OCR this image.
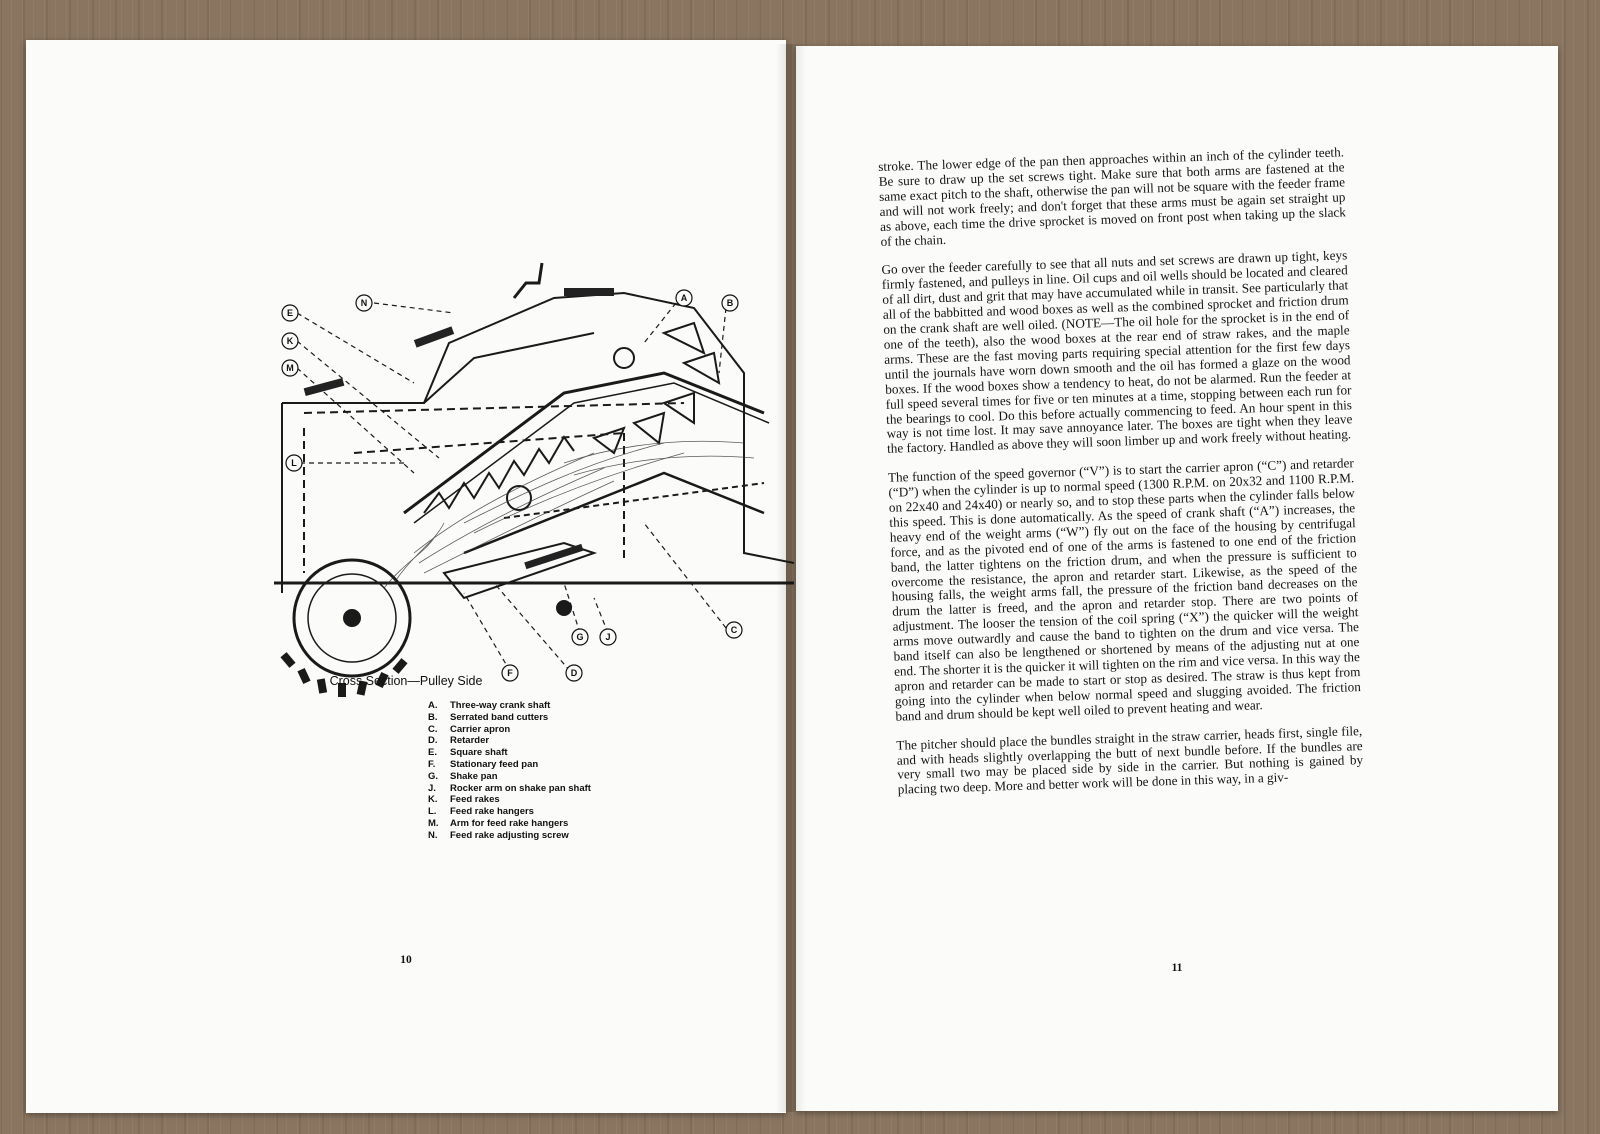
E
K
M
N	A	B
L
G J
F	D
C
Cross Section—Pulley Side
A. Three-way crank shaft
B. Serrated band cutters
C. Carrier apron
D. Retarder
E. Square shaft
F. Stationary feed pan
G. Shake pan
J. Rocker arm on shake pan shaft
K. Feed rakes
L. Feed rake hangers
M. Arm for feed rake hangers
N. Feed rake adjusting screw
10

stroke. The lower edge of the pan then approaches within an inch of the cylinder teeth. Be sure to draw up the set screws tight. Make sure that both arms are fastened at the same exact pitch to the shaft, otherwise the pan will not be square with the feeder frame and will not work freely; and don't forget that these arms must be again set straight up as above, each time the drive sprocket is moved on front post when taking up the slack of the chain.

Go over the feeder carefully to see that all nuts and set screws are drawn up tight, keys firmly fastened, and pulleys in line. Oil cups and oil wells should be located and cleared of all dirt, dust and grit that may have accumulated while in transit. See particularly that all of the babbitted and wood boxes as well as the combined sprocket and friction drum on the crank shaft are well oiled. (NOTE—The oil hole for the sprocket is in the end of one of the teeth), also the wood boxes at the rear end of straw rakes, and the maple arms. These are the fast moving parts requiring special attention for the first few days until the journals have worn down smooth and the oil has formed a glaze on the wood boxes. If the wood boxes show a tendency to heat, do not be alarmed. Run the feeder at full speed several times for five or ten minutes at a time, stopping between each run for the bearings to cool. Do this before actually commencing to feed. An hour spent in this way is not time lost. It may save annoyance later. The boxes are tight when they leave the factory. Handled as above they will soon limber up and work freely without heating.

The function of the speed governor (“V”) is to start the carrier apron (“C”) and retarder (“D”) when the cylinder is up to normal speed (1300 R.P.M. on 20x32 and 1100 R.P.M. on 22x40 and 24x40) or nearly so, and to stop these parts when the cylinder falls below this speed. This is done automatically. As the speed of crank shaft (“A”) increases, the heavy end of the weight arms (“W”) fly out on the face of the housing by centrifugal force, and as the pivoted end of one of the arms is fastened to one end of the friction band, the latter tightens on the friction drum, and when the pressure is sufficient to overcome the resistance, the apron and retarder start. Likewise, as the speed of the housing falls, the weight arms fall, the pressure of the friction band decreases on the drum the latter is freed, and the apron and retarder stop. There are two points of adjustment. The looser the tension of the coil spring (“X”) the quicker will the weight arms move outwardly and cause the band to tighten on the drum and vice versa. The band itself can also be lengthened or shortened by means of the adjusting nut at one end. The shorter it is the quicker it will tighten on the rim and vice versa. In this way the apron and retarder can be made to start or stop as desired. The straw is thus kept from going into the cylinder when below normal speed and slugging avoided. The friction band and drum should be kept well oiled to prevent heating and wear.

The pitcher should place the bundles straight in the straw carrier, heads first, single file, and with heads slightly overlapping the butt of next bundle before. If the bundles are very small two may be placed side by side in the carrier. But nothing is gained by placing two deep. More and better work will be done in this way, in a giv-

11
